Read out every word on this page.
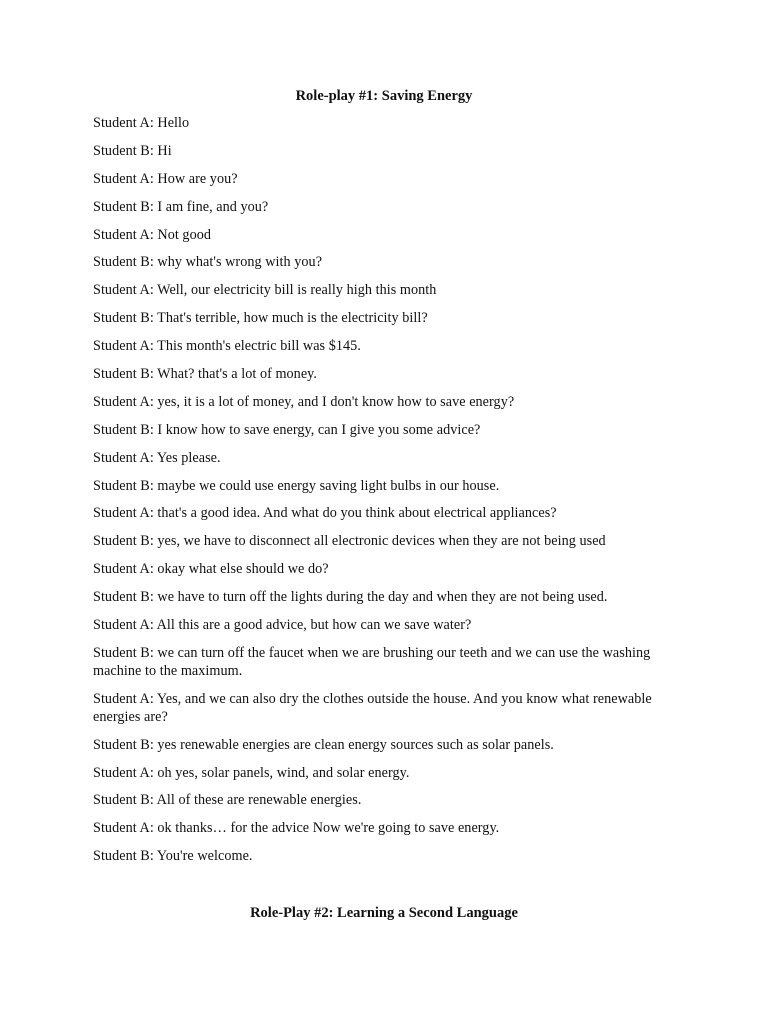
Role-play #1: Saving Energy
Student A: Hello
Student B: Hi
Student A: How are you?
Student B: I am fine, and you?
Student A: Not good
Student B: why what's wrong with you?
Student A: Well, our electricity bill is really high this month
Student B: That's terrible, how much is the electricity bill?
Student A: This month's electric bill was $145.
Student B: What? that's a lot of money.
Student A: yes, it is a lot of money, and I don't know how to save energy?
Student B: I know how to save energy, can I give you some advice?
Student A: Yes please.
Student B: maybe we could use energy saving light bulbs in our house.
Student A: that's a good idea. And what do you think about electrical appliances?
Student B: yes, we have to disconnect all electronic devices when they are not being used
Student A: okay what else should we do?
Student B: we have to turn off the lights during the day and when they are not being used.
Student A: All this are a good advice, but how can we save water?
Student B: we can turn off the faucet when we are brushing our teeth and we can use the washing machine to the maximum.
Student A: Yes, and we can also dry the clothes outside the house. And you know what renewable energies are?
Student B: yes renewable energies are clean energy sources such as solar panels.
Student A: oh yes, solar panels, wind, and solar energy.
Student B: All of these are renewable energies.
Student A: ok thanks… for the advice Now we're going to save energy.
Student B: You're welcome.
Role-Play #2: Learning a Second Language
